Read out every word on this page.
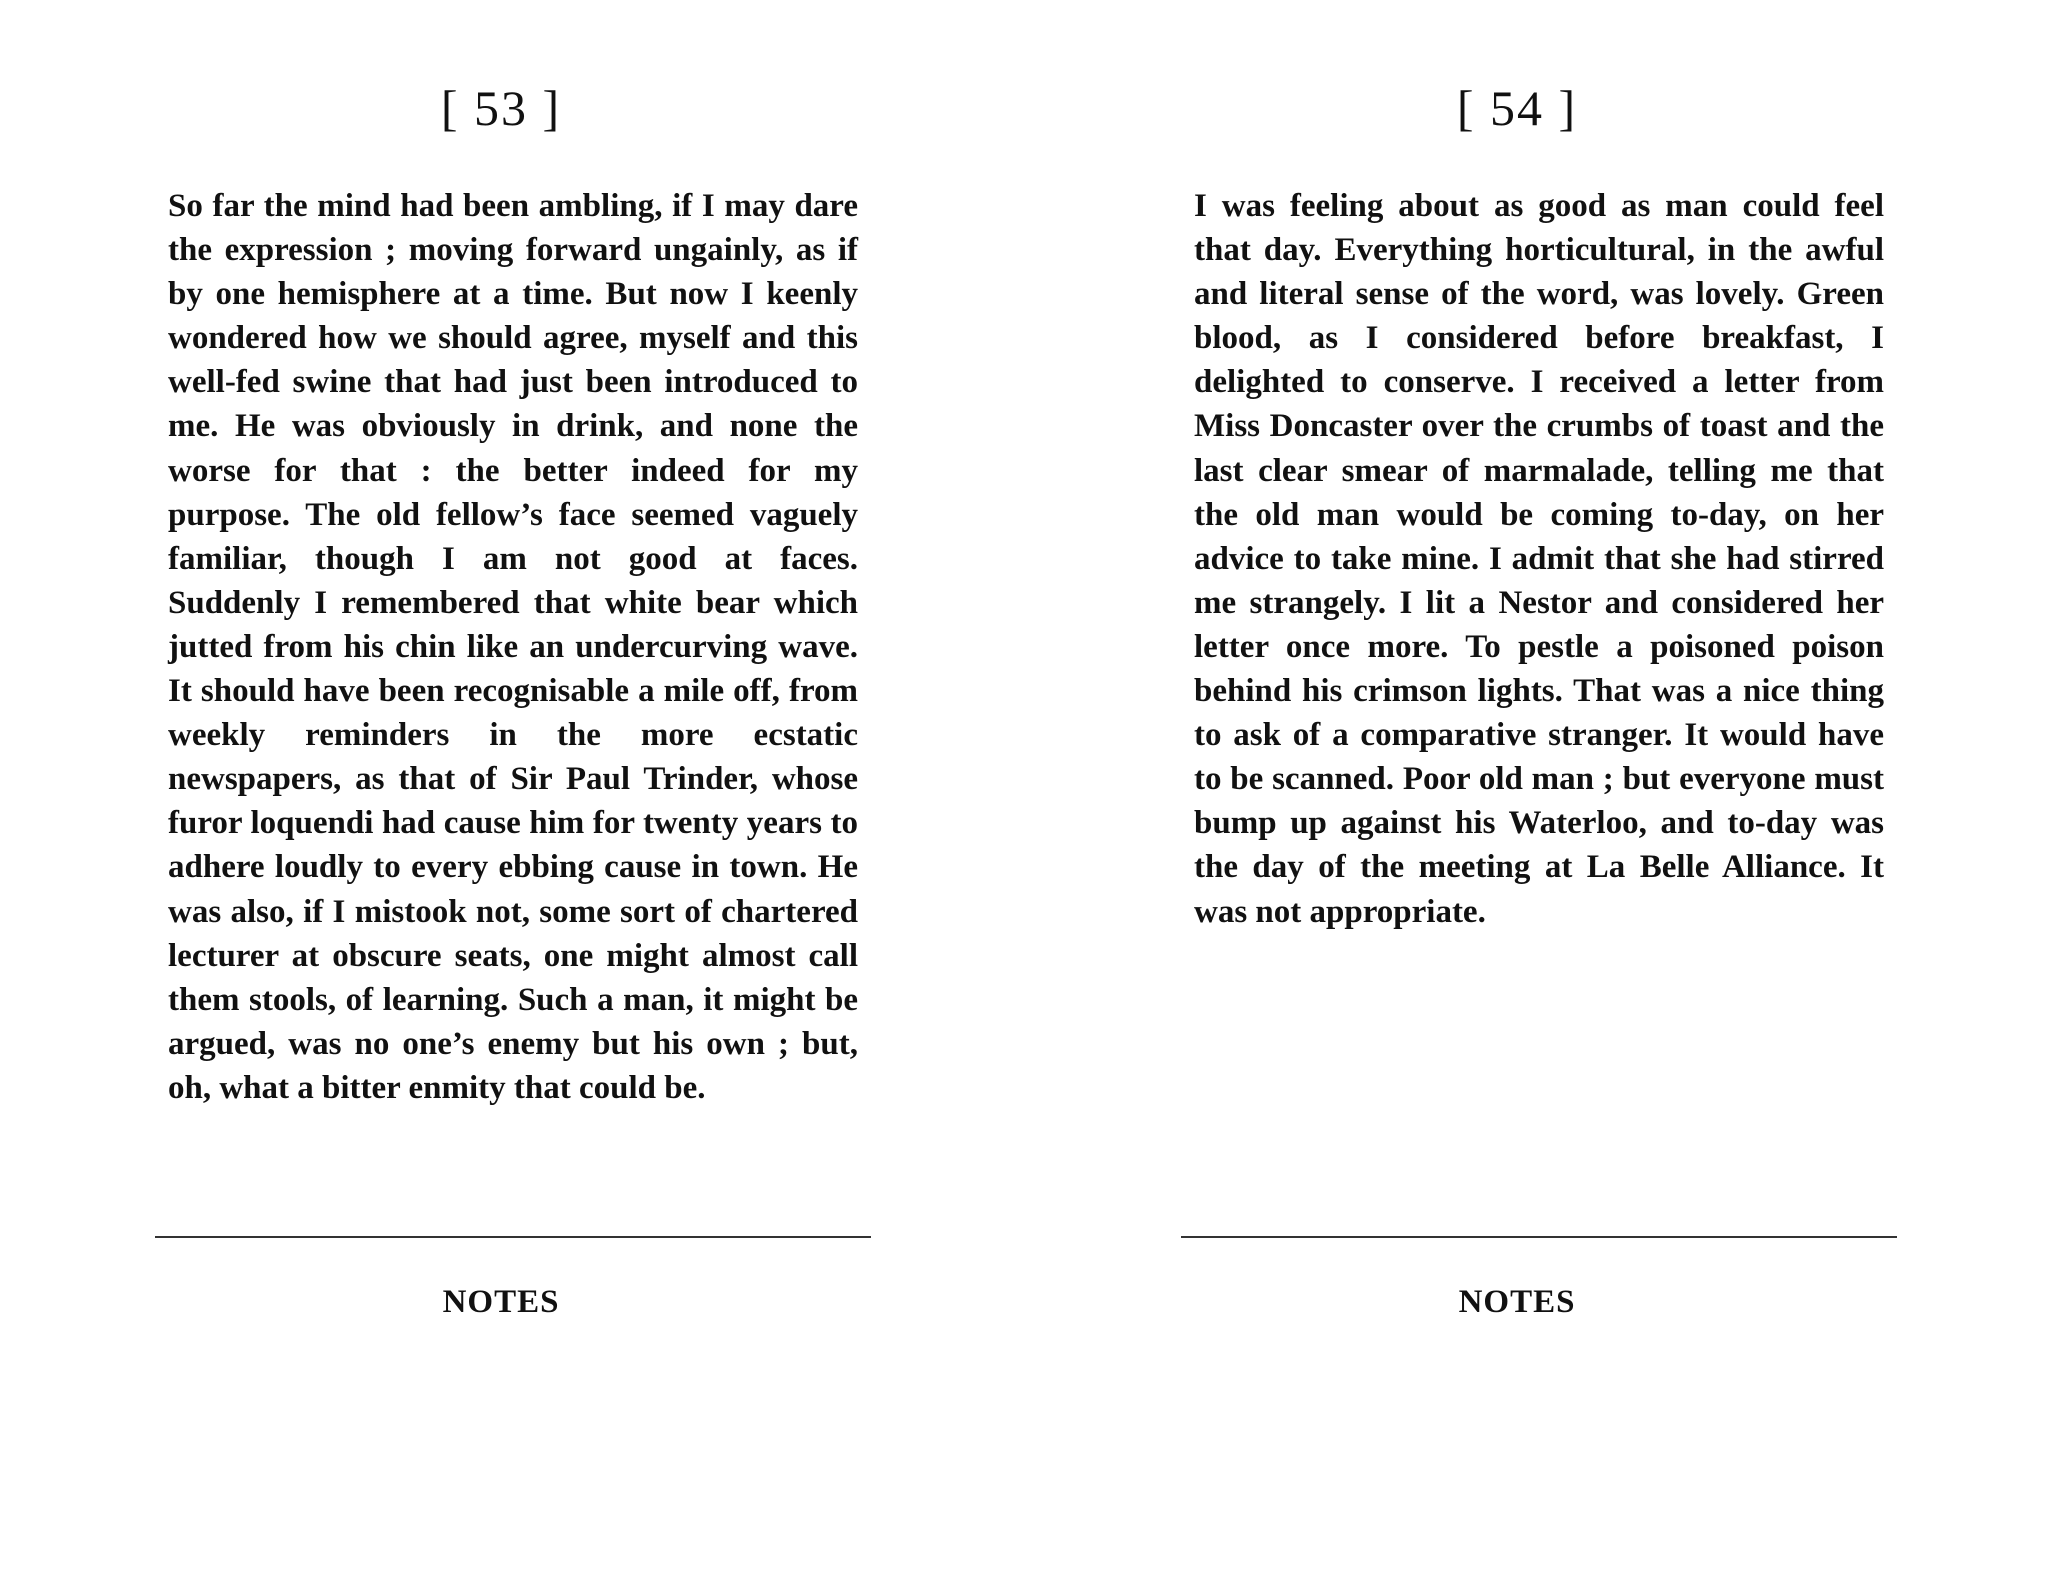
[ 53 ]

So far the mind had been ambling, if I may dare the expression ; moving forward ungainly, as if by one hemisphere at a time. But now I keenly wondered how we should agree, myself and this well-fed swine that had just been introduced to me. He was obviously in drink, and none the worse for that : the better indeed for my purpose. The old fellow’s face seemed vaguely familiar, though I am not good at faces. Suddenly I remembered that white bear which jutted from his chin like an undercurving wave. It should have been recognisable a mile off, from weekly reminders in the more ecstatic newspapers, as that of Sir Paul Trinder, whose furor loquendi had cause him for twenty years to adhere loudly to every ebbing cause in town. He was also, if I mistook not, some sort of chartered lecturer at obscure seats, one might almost call them stools, of learning. Such a man, it might be argued, was no one’s enemy but his own ; but, oh, what a bitter enmity that could be.

NOTES
[ 54 ]

I was feeling about as good as man could feel that day. Everything horticultural, in the awful and literal sense of the word, was lovely. Green blood, as I considered before breakfast, I delighted to conserve. I received a letter from Miss Doncaster over the crumbs of toast and the last clear smear of marmalade, telling me that the old man would be coming to-day, on her advice to take mine. I admit that she had stirred me strangely. I lit a Nestor and considered her letter once more. To pestle a poisoned poison behind his crimson lights. That was a nice thing to ask of a comparative stranger. It would have to be scanned. Poor old man ; but everyone must bump up against his Waterloo, and to-day was the day of the meeting at La Belle Alliance. It was not appropriate.

NOTES
